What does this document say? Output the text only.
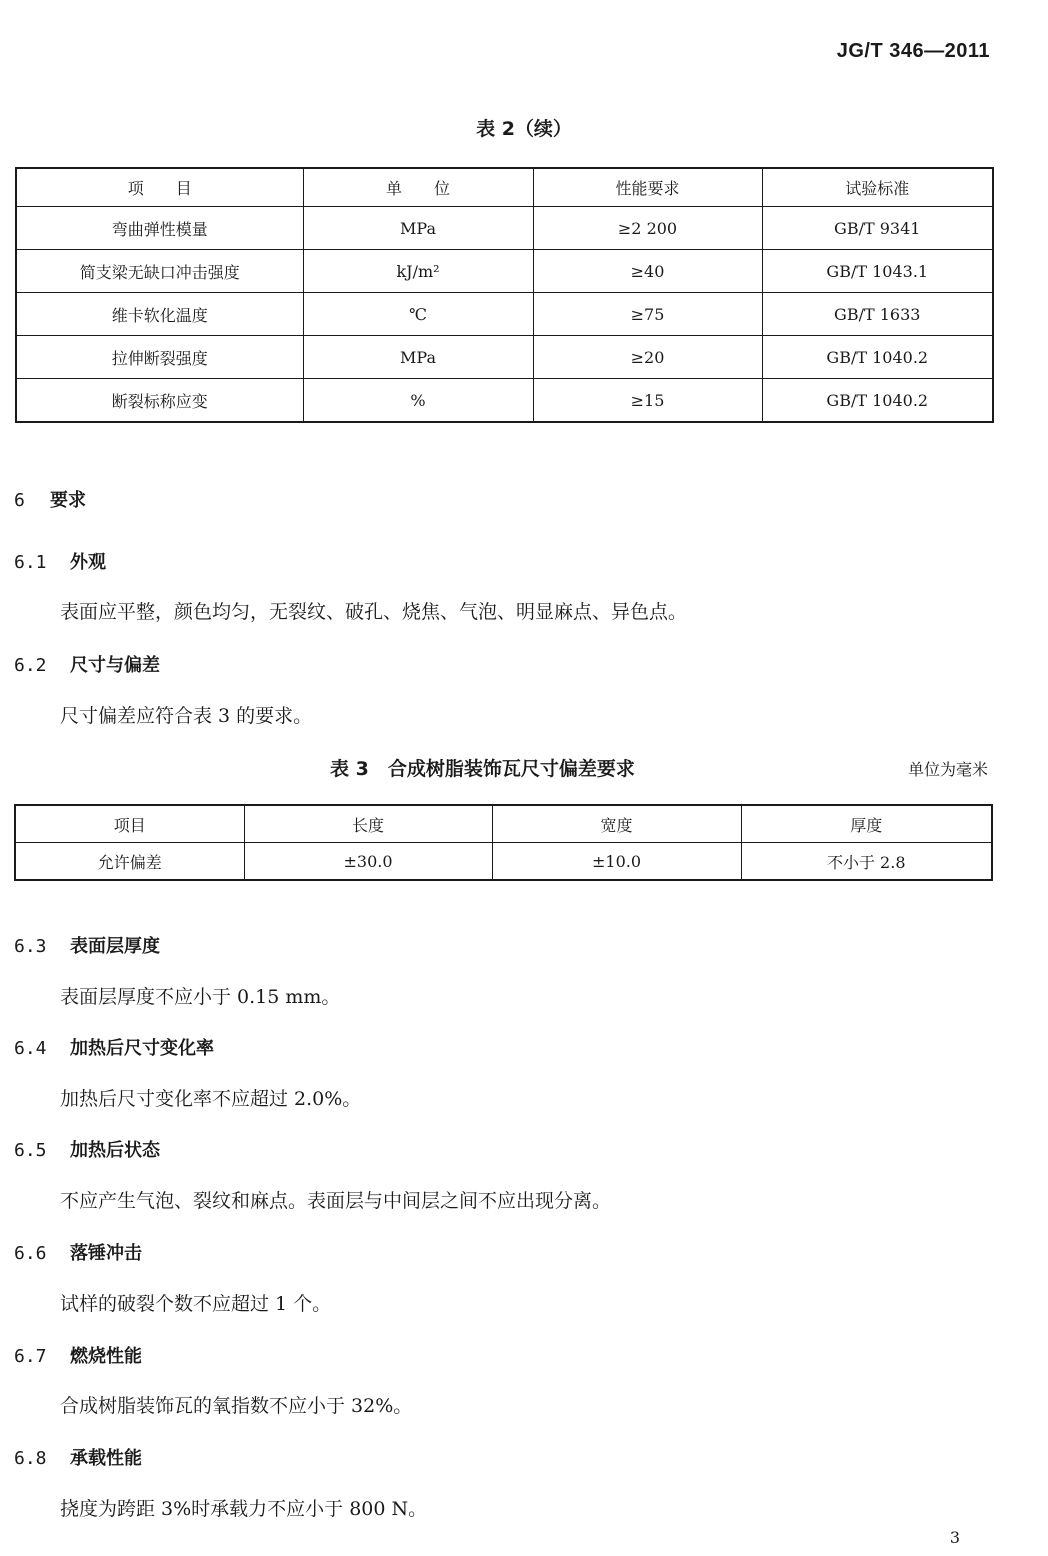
JG/T 346—2011
表 2（续）
项　　目	单　　位	性能要求	试验标准
弯曲弹性模量	MPa	≥2 200	GB/T 9341
简支梁无缺口冲击强度	kJ/m²	≥40	GB/T 1043.1
维卡软化温度	℃	≥75	GB/T 1633
拉伸断裂强度	MPa	≥20	GB/T 1040.2
断裂标称应变	%	≥15	GB/T 1040.2
6 要求
6.1 外观
表面应平整，颜色均匀，无裂纹、破孔、烧焦、气泡、明显麻点、异色点。
6.2 尺寸与偏差
尺寸偏差应符合表 3 的要求。
表 3　合成树脂装饰瓦尺寸偏差要求	单位为毫米
项目	长度	宽度	厚度
允许偏差	±30.0	±10.0	不小于 2.8
6.3 表面层厚度
表面层厚度不应小于 0.15 mm。
6.4 加热后尺寸变化率
加热后尺寸变化率不应超过 2.0%。
6.5 加热后状态
不应产生气泡、裂纹和麻点。表面层与中间层之间不应出现分离。
6.6 落锤冲击
试样的破裂个数不应超过 1 个。
6.7 燃烧性能
合成树脂装饰瓦的氧指数不应小于 32%。
6.8 承载性能
挠度为跨距 3%时承载力不应小于 800 N。
3
